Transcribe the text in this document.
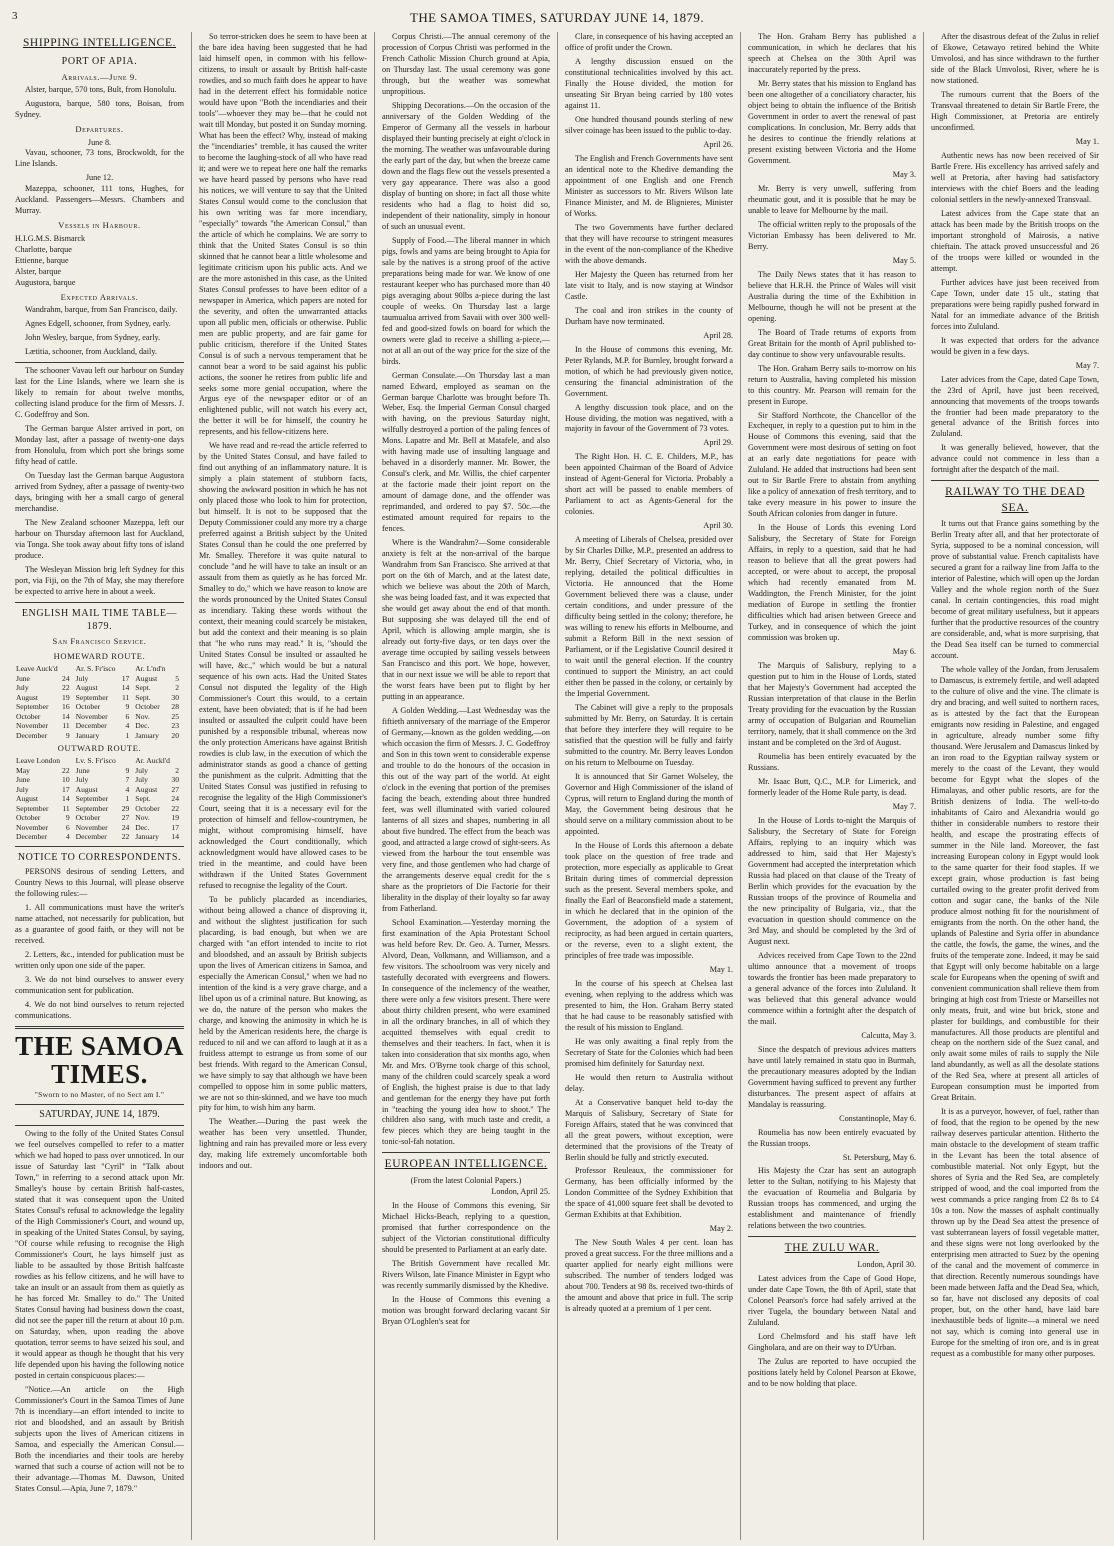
3	THE SAMOA TIMES, SATURDAY JUNE 14, 1879.
SHIPPING INTELLIGENCE.
PORT OF APIA.
Arrivals.—June 9.

Alster, barque, 570 tons, Bult, from Honolulu.

Augustora, barque, 580 tons, Boisan, from Sydney.

Departures.
June 8.

Vavau, schooner, 73 tons, Brockwoldt, for the Line Islands.

June 12.

Mazeppa, schooner, 111 tons, Hughes, for Auckland. Passengers—Messrs. Chambers and Murray.

Vessels in Harbour.
H.I.G.M.S. Bismarck
Charlotte, barque
Ettienne, barque
Alster, barque
Augustora, barque
Expected Arrivals.

Wandrahm, barque, from San Francisco, daily.

Agnes Edgell, schooner, from Sydney, early.

John Wesley, barque, from Sydney, early.

Lætitia, schooner, from Auckland, daily.

The schooner Vavau left our harbour on Sunday last for the Line Islands, where we learn she is likely to remain for about twelve months, collecting island produce for the firm of Messrs. J. C. Godeffroy and Son.

The German barque Alster arrived in port, on Monday last, after a passage of twenty-one days from Honolulu, from which port she brings some fifty head of cattle.

On Tuesday last the German barque Augustora arrived from Sydney, after a passage of twenty-two days, bringing with her a small cargo of general merchandise.

The New Zealand schooner Mazeppa, left our harbour on Thursday afternoon last for Auckland, via Tonga. She took away about fifty tons of island produce.

The Wesleyan Mission brig left Sydney for this port, via Fiji, on the 7th of May, she may therefore be expected to arrive here in about a week.

ENGLISH MAIL TIME TABLE—1879.
San Francisco Service.
HOMEWARD ROUTE.
Leave Auck'd		Ar. S. Fr'isco		Ar. L'nd'n	
June	24	July	17	August	5
July	22	August	14	Sept.	2
August	19	September	11	Sept.	30
September	16	October	9	October	28
October	14	November	6	Nov.	25
November	11	December	4	Dec.	23
December	9	January	1	January	20
OUTWARD ROUTE.
Leave London		Lv. S. Fr'isco		Ar. Auckl'd	
May	22	June	9	July	2
June	10	July	7	July	30
July	17	August	4	August	27
August	14	September	1	Sept.	24
September	11	September	29	October	22
October	9	October	27	Nov.	19
November	6	November	24	Dec.	17
December	4	December	22	January	14
NOTICE TO CORRESPONDENTS.

PERSONS desirous of sending Letters, and Country News to this Journal, will please observe the following rules:—

1. All communications must have the writer's name attached, not necessarily for publication, but as a guarantee of good faith, or they will not be received.

2. Letters, &c., intended for publication must be written only upon one side of the paper.

3. We do not bind ourselves to answer every communication sent for publication.

4. We do not bind ourselves to return rejected communications.

THE SAMOA TIMES.
"Sworn to no Master, of no Sect am I."
SATURDAY, JUNE 14, 1879.

Owing to the folly of the United States Consul we feel ourselves compelled to refer to a matter which we had hoped to pass over unnoticed. In our issue of Saturday last "Cyril" in "Talk about Town," in referring to a second attack upon Mr. Smalley's house by certain British half-castes, stated that it was consequent upon the United States Consul's refusal to acknowledge the legality of the High Commissioner's Court, and wound up, in speaking of the United States Consul, by saying, "Of course while refusing to recognise the High Commissioner's Court, he lays himself just as liable to be assaulted by those British halfcaste rowdies as his fellow citizens, and he will have to take an insult or an assault from them as quietly as he has forced Mr. Smalley to do." The United States Consul having had business down the coast, did not see the paper till the return at about 10 p.m. on Saturday, when, upon reading the above quotation, terror seems to have seized his soul, and it would appear as though he thought that his very life depended upon his having the following notice posted in certain conspicuous places:—

"Notice.—An article on the High Commissioner's Court in the Samoa Times of June 7th is incendiary—an effort intended to incite to riot and bloodshed, and an assault by British subjects upon the lives of American citizens in Samoa, and especially the American Consul.—Both the incendiaries and their tools are hereby warned that such a course of action will not be to their advantage.—Thomas M. Dawson, United States Consul.—Apia, June 7, 1879."

So terror-stricken does he seem to have been at the bare idea having been suggested that he had laid himself open, in common with his fellow-citizens, to insult or assault by British half-caste rowdies, and so much faith does he appear to have had in the deterrent effect his formidable notice would have upon "Both the incendiaries and their tools"—whoever they may be—that he could not wait till Monday, but posted it on Sunday morning. What has been the effect? Why, instead of making the "incendiaries" tremble, it has caused the writer to become the laughing-stock of all who have read it; and were we to repeat here one half the remarks we have heard passed by persons who have read his notices, we will venture to say that the United States Consul would come to the conclusion that his own writing was far more incendiary, "especially" towards "the American Consul," than the article of which he complains. We are sorry to think that the United States Consul is so thin skinned that he cannot bear a little wholesome and legitimate criticism upon his public acts. And we are the more astonished in this case, as the United States Consul professes to have been editor of a newspaper in America, which papers are noted for the severity, and often the unwarranted attacks upon all public men, officials or otherwise. Public men are public property, and are fair game for public criticism, therefore if the United States Consul is of such a nervous temperament that he cannot bear a word to be said against his public actions, the sooner he retires from public life and seeks some more genial occupation, where the Argus eye of the newspaper editor or of an enlightened public, will not watch his every act, the better it will be for himself, the country he represents, and his fellow-citizens here.

We have read and re-read the article referred to by the United States Consul, and have failed to find out anything of an inflammatory nature. It is simply a plain statement of stubborn facts, showing the awkward position in which he has not only placed those who look to him for protection, but himself. It is not to be supposed that the Deputy Commissioner could any more try a charge preferred against a British subject by the United States Consul than he could the one preferred by Mr. Smalley. Therefore it was quite natural to conclude "and he will have to take an insult or an assault from them as quietly as he has forced Mr. Smalley to do," which we have reason to know are the words pronounced by the United States Consul as incendiary. Taking these words without the context, their meaning could scarcely be mistaken, but add the context and their meaning is so plain that "he who runs may read." It is, "should the United States Consul be insulted or assaulted he will have, &c.," which would be but a natural sequence of his own acts. Had the United States Consul not disputed the legality of the High Commissioner's Court this would, to a certain extent, have been obviated; that is if he had been insulted or assaulted the culprit could have been punished by a responsible tribunal, whereas now the only protection Americans have against British rowdies is club law, in the execution of which the administrator stands as good a chance of getting the punishment as the culprit. Admitting that the United States Consul was justified in refusing to recognise the legality of the High Commissioner's Court, seeing that it is a necessary evil for the protection of himself and fellow-countrymen, he might, without compromising himself, have acknowledged the Court conditionally, which acknowledgment would have allowed cases to be tried in the meantime, and could have been withdrawn if the United States Government refused to recognise the legality of the Court.

To be publicly placarded as incendiaries, without being allowed a chance of disproving it, and without the slightest justification for such placarding, is bad enough, but when we are charged with "an effort intended to incite to riot and bloodshed, and an assault by British subjects upon the lives of American citizens in Samoa, and especially the American Consul," when we had no intention of the kind is a very grave charge, and a libel upon us of a criminal nature. But knowing, as we do, the nature of the person who makes the charge, and knowing the animosity in which he is held by the American residents here, the charge is reduced to nil and we can afford to laugh at it as a fruitless attempt to estrange us from some of our best friends. With regard to the American Consul, we have simply to say that although we have been compelled to oppose him in some public matters, we are not so thin-skinned, and we have too much pity for him, to wish him any harm.

The Weather.—During the past week the weather has been very unsettled. Thunder, lightning and rain has prevailed more or less every day, making life extremely uncomfortable both indoors and out.

Corpus Christi.—The annual ceremony of the procession of Corpus Christi was performed in the French Catholic Mission Church ground at Apia, on Thursday last. The usual ceremony was gone through, but the weather was somewhat unpropitious.

Shipping Decorations.—On the occasion of the anniversary of the Golden Wedding of the Emperor of Germany all the vessels in harbour displayed their bunting precisely at eight o'clock in the morning. The weather was unfavourable during the early part of the day, but when the breeze came down and the flags flew out the vessels presented a very gay appearance. There was also a good display of bunting on shore; in fact all those white residents who had a flag to hoist did so, independent of their nationality, simply in honour of such an unusual event.

Supply of Food.—The liberal manner in which pigs, fowls and yams are being brought to Apia for sale by the natives is a strong proof of the active preparations being made for war. We know of one restaurant keeper who has purchased more than 40 pigs averaging about 90lbs a-piece during the last couple of weeks. On Thursday last a large taumualua arrived from Savaii with over 300 well-fed and good-sized fowls on board for which the owners were glad to receive a shilling a-piece,—not at all an out of the way price for the size of the birds.

German Consulate.—On Thursday last a man named Edward, employed as seaman on the German barque Charlotte was brought before Th. Weber, Esq. the Imperial German Consul charged with having, on the previous Saturday night, wilfully destroyed a portion of the paling fences of Mons. Lapatre and Mr. Bell at Matafele, and also with having made use of insulting language and behaved in a disorderly manner. Mr. Bower, the Consul's clerk, and Mr. Willis, the chief carpenter at the factorie made their joint report on the amount of damage done, and the offender was reprimanded, and ordered to pay $7. 50c.—the estimated amount required for repairs to the fences.

Where is the Wandrahm?—Some considerable anxiety is felt at the non-arrival of the barque Wandrahm from San Francisco. She arrived at that port on the 6th of March, and at the latest date, which we believe was about the 20th of March, she was being loaded fast, and it was expected that she would get away about the end of that month. But supposing she was delayed till the end of April, which is allowing ample margin, she is already out forty-five days, or ten days over the average time occupied by sailing vessels between San Francisco and this port. We hope, however, that in our next issue we will be able to report that the worst fears have been put to flight by her putting in an appearance.

A Golden Wedding.—Last Wednesday was the fiftieth anniversary of the marriage of the Emperor of Germany,—known as the golden wedding,—on which occasion the firm of Messrs. J. C. Godeffroy and Son in this town went to considerable expense and trouble to do the honours of the occasion in this out of the way part of the world. At eight o'clock in the evening that portion of the premises facing the beach, extending about three hundred feet, was well illuminated with varied coloured lanterns of all sizes and shapes, numbering in all about five hundred. The effect from the beach was good, and attracted a large crowd of sight-seers. As viewed from the harbour the tout ensemble was very fine, and those gentlemen who had charge of the arrangements deserve equal credit for the s share as the proprietors of Die Factorie for their liberality in the display of their loyalty so far away from Fatherland.

School Examination.—Yesterday morning the first examination of the Apia Protestant School was held before Rev. Dr. Geo. A. Turner, Messrs. Alvord, Dean, Volkmann, and Williamson, and a few visitors. The schoolroom was very nicely and tastefully decorated with evergreens and flowers. In consequence of the inclemency of the weather, there were only a few visitors present. There were about thirty children present, who were examined in all the ordinary branches, in all of which they acquitted themselves with equal credit to themselves and their teachers. In fact, when it is taken into consideration that six months ago, when Mr. and Mrs. O'Byrne took charge of this school, many of the children could scarcely speak a word of English, the highest praise is due to that lady and gentleman for the energy they have put forth in "teaching the young idea how to shoot." The children also sang, with much taste and credit, a few pieces which they are being taught in the tonic-sol-fah notation.

EUROPEAN INTELLIGENCE.
(From the latest Colonial Papers.)

London, April 25.

In the House of Commons this evening, Sir Michael Hicks-Beach, replying to a question, promised that further correspondence on the subject of the Victorian constitutional difficulty should be presented to Parliament at an early date.

The British Government have recalled Mr. Rivers Wilson, late Finance Minister in Egypt who was recently summarily dismissed by the Khedive.

In the House of Commons this evening a motion was brought forward declaring vacant Sir Bryan O'Loghlen's seat for

Clare, in consequence of his having accepted an office of profit under the Crown.

A lengthy discussion ensued on the constitutional technicalities involved by this act. Finally the House divided, the motion for unseating Sir Bryan being carried by 180 votes against 11.

One hundred thousand pounds sterling of new silver coinage has been issued to the public to-day.

April 26.

The English and French Governments have sent an identical note to the Khedive demanding the appointment of one English and one French Minister as successors to Mr. Rivers Wilson late Finance Minister, and M. de Blignieres, Minister of Works.

The two Governments have further declared that they will have recourse to stringent measures in the event of the non-compliance of the Khedive with the above demands.

Her Majesty the Queen has returned from her late visit to Italy, and is now staying at Windsor Castle.

The coal and iron strikes in the county of Durham have now terminated.

April 28.

In the House of commons this evening, Mr. Peter Rylands, M.P. for Burnley, brought forward a motion, of which he had previously given notice, censuring the financial administration of the Government.

A lengthy discussion took place, and on the House dividing, the motion was negatived, with a majority in favour of the Government of 73 votes.

April 29.

The Right Hon. H. C. E. Childers, M.P., has been appointed Chairman of the Board of Advice instead of Agent-General for Victoria. Probably a short act will be passed to enable members of Parliament to act as Agents-General for the colonies.

April 30.

A meeting of Liberals of Chelsea, presided over by Sir Charles Dilke, M.P., presented an address to Mr. Berry, Chief Secretary of Victoria, who, in replying, detailed the political difficulties in Victoria. He announced that the Home Government believed there was a clause, under certain conditions, and under pressure of the difficulty being settled in the colony; therefore, he was willing to renew his efforts in Melbourne, and submit a Reform Bill in the next session of Parliament, or if the Legislative Council desired it to wait until the general election. If the country continued to support the Ministry, an act could either then be passed in the colony, or certainly by the Imperial Government.

The Cabinet will give a reply to the proposals submitted by Mr. Berry, on Saturday. It is certain that before they interfere they will require to be satisfied that the question will be fully and fairly submitted to the country. Mr. Berry leaves London on his return to Melbourne on Tuesday.

It is announced that Sir Garnet Wolseley, the Governor and High Commissioner of the island of Cyprus, will return to England during the month of May, the Government being desirous that he should serve on a military commission about to be appointed.

In the House of Lords this afternoon a debate took place on the question of free trade and protection, more especially as applicable to Great Britain during times of commercial depression such as the present. Several members spoke, and finally the Earl of Beaconsfield made a statement, in which he declared that in the opinion of the Government, the adoption of a system of reciprocity, as had been argued in certain quarters, or the reverse, even to a slight extent, the principles of free trade was impossible.

May 1.

In the course of his speech at Chelsea last evening, when replying to the address which was presented to him, the Hon. Graham Berry stated that he had cause to be reasonably satisfied with the result of his mission to England.

He was only awaiting a final reply from the Secretary of State for the Colonies which had been promised him definitely for Saturday next.

He would then return to Australia without delay.

At a Conservative banquet held to-day the Marquis of Salisbury, Secretary of State for Foreign Affairs, stated that he was convinced that all the great powers, without exception, were determined that the provisions of the Treaty of Berlin should be fully and strictly executed.

Professor Reuleaux, the commissioner for Germany, has been officially informed by the London Committee of the Sydney Exhibition that the space of 41,000 square feet shall be devoted to German Exhibits at that Exhibition.

May 2.

The New South Wales 4 per cent. loan has proved a great success. For the three millions and a quarter applied for nearly eight millions were subscribed. The number of tenders lodged was about 700. Tenders at 98 8s. received two-thirds of the amount and above that price in full. The scrip is already quoted at a premium of 1 per cent.

The Hon. Graham Berry has published a communication, in which he declares that his speech at Chelsea on the 30th April was inaccurately reported by the press.

Mr. Berry states that his mission to England has been one altogether of a conciliatory character, his object being to obtain the influence of the British Government in order to avert the renewal of past complications. In conclusion, Mr. Berry adds that he desires to continue the friendly relations at present existing between Victoria and the Home Government.

May 3.

Mr. Berry is very unwell, suffering from rheumatic gout, and it is possible that he may be unable to leave for Melbourne by the mail.

The official written reply to the proposals of the Victorian Embassy has been delivered to Mr. Berry.

May 5.

The Daily News states that it has reason to believe that H.R.H. the Prince of Wales will visit Australia during the time of the Exhibition in Melbourne, though he will not be present at the opening.

The Board of Trade returns of exports from Great Britain for the month of April published to-day continue to show very unfavourable results.

The Hon. Graham Berry sails to-morrow on his return to Australia, having completed his mission to this country. Mr. Pearson will remain for the present in Europe.

Sir Stafford Northcote, the Chancellor of the Exchequer, in reply to a question put to him in the House of Commons this evening, said that the Government were most desirous of setting on foot at an early date negotiations for peace with Zululand. He added that instructions had been sent out to Sir Bartle Frere to abstain from anything like a policy of annexation of fresh territory, and to take every measure in his power to insure the South African colonies from danger in future.

In the House of Lords this evening Lord Salisbury, the Secretary of State for Foreign Affairs, in reply to a question, said that he had reason to believe that all the great powers had accepted, or were about to accept, the proposal which had recently emanated from M. Waddington, the French Minister, for the joint mediation of Europe in settling the frontier difficulties which had arisen between Greece and Turkey, and in consequence of which the joint commission was broken up.

May 6.

The Marquis of Salisbury, replying to a question put to him in the House of Lords, stated that her Majesty's Government had accepted the Russian interpretation of that clause in the Berlin Treaty providing for the evacuation by the Russian army of occupation of Bulgarian and Roumelian territory, namely, that it shall commence on the 3rd instant and be completed on the 3rd of August.

Roumelia has been entirely evacuated by the Russians.

Mr. Isaac Butt, Q.C., M.P. for Limerick, and formerly leader of the Home Rule party, is dead.

May 7.

In the House of Lords to-night the Marquis of Salisbury, the Secretary of State for Foreign Affairs, replying to an inquiry which was addressed to him, said that Her Majesty's Government had accepted the interpretation which Russia had placed on that clause of the Treaty of Berlin which provides for the evacuation by the Russian troops of the province of Roumelia and the new principality of Bulgaria, viz., that the evacuation in question should commence on the 3rd May, and should be completed by the 3rd of August next.

Advices received from Cape Town to the 22nd ultimo announce that a movement of troops towards the frontier has been made preparatory to a general advance of the forces into Zululand. It was believed that this general advance would commence within a fortnight after the despatch of the mail.

Calcutta, May 3.

Since the despatch of previous advices matters have until lately remained in statu quo in Burmah, the precautionary measures adopted by the Indian Government having sufficed to prevent any further disturbances. The present aspect of affairs at Mandalay is reassuring.

Constantinople, May 6.

Roumelia has now been entirely evacuated by the Russian troops.

St. Petersburg, May 6.

His Majesty the Czar has sent an autograph letter to the Sultan, notifying to his Majesty that the evacuation of Roumelia and Bulgaria by Russian troops has commenced, and urging the establishment and maintenance of friendly relations between the two countries.

THE ZULU WAR.

London, April 30.

Latest advices from the Cape of Good Hope, under date Cape Town, the 8th of April, state that Colonel Pearson's force had safely arrived at the river Tugela, the boundary between Natal and Zululand.

Lord Chelmsford and his staff have left Gingholara, and are on their way to D'Urban.

The Zulus are reported to have occupied the positions lately held by Colonel Pearson at Ekowe, and to be now holding that place.

After the disastrous defeat of the Zulus in relief of Ekowe, Cetawayo retired behind the White Umvolosi, and has since withdrawn to the further side of the Black Umvolosi, River, where he is now stationed.

The rumours current that the Boers of the Transvaal threatened to detain Sir Bartle Frere, the High Commissioner, at Pretoria are entirely unconfirmed.

May 1.

Authentic news has now been received of Sir Bartle Frere. His excellency has arrived safely and well at Pretoria, after having had satisfactory interviews with the chief Boers and the leading colonial settlers in the newly-annexed Transvaal.

Latest advices from the Cape state that an attack has been made by the British troops on the important stronghold of Mairosis, a native chieftain. The attack proved unsuccessful and 26 of the troops were killed or wounded in the attempt.

Further advices have just been received from Cape Town, under date 15 ult., stating that preparations were being rapidly pushed forward in Natal for an immediate advance of the British forces into Zululand.

It was expected that orders for the advance would be given in a few days.

May 7.

Later advices from the Cape, dated Cape Town, the 23rd of April, have just been received, announcing that movements of the troops towards the frontier had been made preparatory to the general advance of the British forces into Zululand.

It was generally believed, however, that the advance could not commence in less than a fortnight after the despatch of the mail.

RAILWAY TO THE DEAD SEA.

It turns out that France gains something by the Berlin Treaty after all, and that her protectorate of Syria, supposed to be a nominal concession, will prove of substantial value. French capitalists have secured a grant for a railway line from Jaffa to the interior of Palestine, which will open up the Jordan Valley and the whole region north of the Suez canal. In certain contingencies, this road might become of great military usefulness, but it appears further that the productive resources of the country are considerable, and, what is more surprising, that the Dead Sea itself can be turned to commercial account.

The whole valley of the Jordan, from Jerusalem to Damascus, is extremely fertile, and well adapted to the culture of olive and the vine. The climate is dry and bracing, and well suited to northern races, as is attested by the fact that the European emigrants now residing in Palestine, and engaged in agriculture, already number some fifty thousand. Were Jerusalem and Damascus linked by an iron road to the Egyptian railway system or merely to the coast of the Levant, they would become for Egypt what the slopes of the Himalayas, and other public resorts, are for the British denizens of India. The well-to-do inhabitants of Cairo and Alexandria would go thither in considerable numbers to restore their health, and escape the prostrating effects of summer in the Nile land. Moreover, the fast increasing European colony in Egypt would look to the same quarter for their food staples. If we except grain, whose production is fast being curtailed owing to the greater profit derived from cotton and sugar cane, the banks of the Nile produce almost nothing fit for the nourishment of emigrants from the north. On the other hand, the uplands of Palestine and Syria offer in abundance the cattle, the fowls, the game, the wines, and the fruits of the temperate zone. Indeed, it may be said that Egypt will only become habitable on a large scale for Europeans when the opening of swift and convenient communication shall relieve them from bringing at high cost from Trieste or Marseilles not only meats, fruit, and wine but brick, stone and plaster for buildings, and combustible for their manufactures. All those products are plentiful and cheap on the northern side of the Suez canal, and only await some miles of rails to supply the Nile land abundantly, as well as all the desolate stations of the Red Sea, where at present all articles of European consumption must be imported from Great Britain.

It is as a purveyor, however, of fuel, rather than of food, that the region to be opened by the new railway deserves particular attention. Hitherto the main obstacle to the development of steam traffic in the Levant has been the total absence of combustible material. Not only Egypt, but the shores of Syria and the Red Sea, are completely stripped of wood, and the coal imported from the west commands a price ranging from £2 8s to £4 10s a ton. Now the masses of asphalt continually thrown up by the Dead Sea attest the presence of vast subterranean layers of fossil vegetable matter, and these signs were not long overlooked by the enterprising men attracted to Suez by the opening of the canal and the movement of commerce in that direction. Recently numerous soundings have been made between Jaffa and the Dead Sea, which, so far, have not disclosed any deposits of coal proper, but, on the other hand, have laid bare inexhaustible beds of lignite—a mineral we need not say, which is coming into general use in Europe for the smelting of iron ore, and is in great request as a combustible for many other purposes.
